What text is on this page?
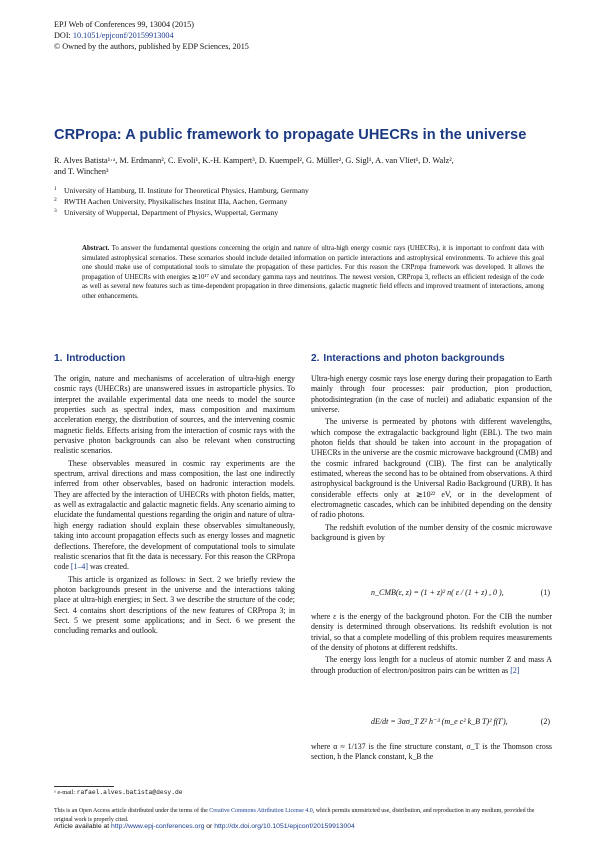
EPJ Web of Conferences 99, 13004 (2015)
DOI: 10.1051/epjconf/20159913004
© Owned by the authors, published by EDP Sciences, 2015
CRPropa: A public framework to propagate UHECRs in the universe
R. Alves Batista¹·ᵃ, M. Erdmann², C. Evoli¹, K.-H. Kampert³, D. Kuempel², G. Müller², G. Sigl¹, A. van Vliet¹, D. Walz²,
and T. Winchen³
1 University of Hamburg, II. Institute for Theoretical Physics, Hamburg, Germany
2 RWTH Aachen University, Physikalisches Institut IIIa, Aachen, Germany
3 University of Wuppertal, Department of Physics, Wuppertal, Germany
Abstract. To answer the fundamental questions concerning the origin and nature of ultra-high energy cosmic rays (UHECRs), it is important to confront data with simulated astrophysical scenarios. These scenarios should include detailed information on particle interactions and astrophysical environments. To achieve this goal one should make use of computational tools to simulate the propagation of these particles. For this reason the CRPropa framework was developed. It allows the propagation of UHECRs with energies ≳10¹⁷ eV and secondary gamma rays and neutrinos. The newest version, CRPropa 3, reflects an efficient redesign of the code as well as several new features such as time-dependent propagation in three dimensions, galactic magnetic field effects and improved treatment of interactions, among other enhancements.
1. Introduction

The origin, nature and mechanisms of acceleration of ultra-high energy cosmic rays (UHECRs) are unanswered issues in astroparticle physics. To interpret the available experimental data one needs to model the source properties such as spectral index, mass composition and maximum acceleration energy, the distribution of sources, and the intervening cosmic magnetic fields. Effects arising from the interaction of cosmic rays with the pervasive photon backgrounds can also be relevant when constructing realistic scenarios.

These observables measured in cosmic ray experiments are the spectrum, arrival directions and mass composition, the last one indirectly inferred from other observables, based on hadronic interaction models. They are affected by the interaction of UHECRs with photon fields, matter, as well as extragalactic and galactic magnetic fields. Any scenario aiming to elucidate the fundamental questions regarding the origin and nature of ultra-high energy radiation should explain these observables simultaneously, taking into account propagation effects such as energy losses and magnetic deflections. Therefore, the development of computational tools to simulate realistic scenarios that fit the data is necessary. For this reason the CRPropa code [1–4] was created.

This article is organized as follows: in Sect. 2 we briefly review the photon backgrounds present in the universe and the interactions taking place at ultra-high energies; in Sect. 3 we describe the structure of the code; Sect. 4 contains short descriptions of the new features of CRPropa 3; in Sect. 5 we present some applications; and in Sect. 6 we present the concluding remarks and outlook.

2. Interactions and photon backgrounds

Ultra-high energy cosmic rays lose energy during their propagation to Earth mainly through four processes: pair production, pion production, photodisintegration (in the case of nuclei) and adiabatic expansion of the universe.

The universe is permeated by photons with different wavelengths, which compose the extragalactic background light (EBL). The two main photon fields that should be taken into account in the propagation of UHECRs in the universe are the cosmic microwave background (CMB) and the cosmic infrared background (CIB). The first can be analytically estimated, whereas the second has to be obtained from observations. A third astrophysical background is the Universal Radio Background (URB). It has considerable effects only at ≳10²² eV, or in the development of electromagnetic cascades, which can be inhibited depending on the density of radio photons.

The redshift evolution of the number density of the cosmic microwave background is given by

n_CMB(ε, z) = (1 + z)² n( ε / (1 + z) , 0 ),	(1)

where ε is the energy of the background photon. For the CIB the number density is determined through observations. Its redshift evolution is not trivial, so that a complete modelling of this problem requires measurements of the density of photons at different redshifts.

The energy loss length for a nucleus of atomic number Z and mass A through production of electron/positron pairs can be written as [2]

dE/dt = 3ασ_T Z² h⁻³ (m_e c² k_B T)² f(Γ),	(2)

where α ≈ 1/137 is the fine structure constant, σ_T is the Thomson cross section, h the Planck constant, k_B the

ᵃ e-mail: rafael.alves.batista@desy.de
This is an Open Access article distributed under the terms of the Creative Commons Attribution License 4.0, which permits unrestricted use, distribution, and reproduction in any medium, provided the original work is properly cited.
Article available at http://www.epj-conferences.org or http://dx.doi.org/10.1051/epjconf/20159913004
